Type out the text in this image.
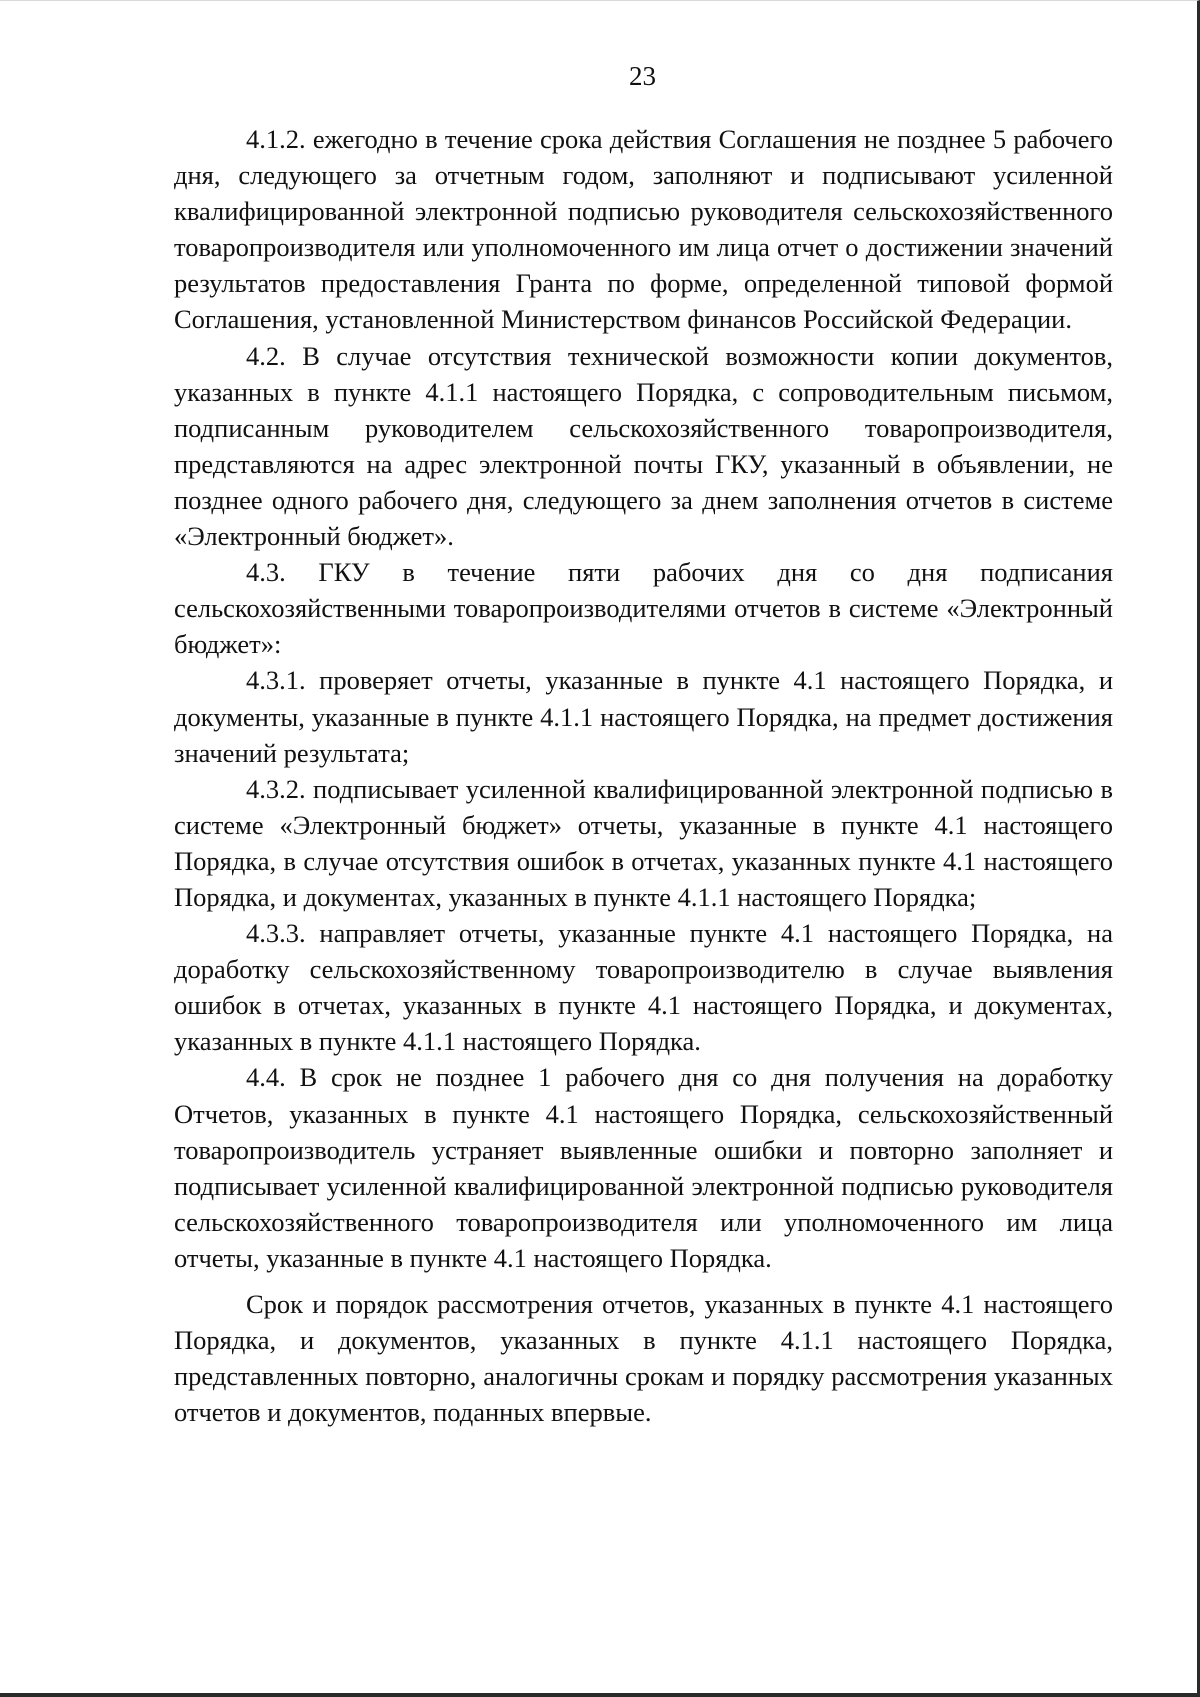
23

4.1.2. ежегодно в течение срока действия Соглашения не позднее 5 рабочего дня, следующего за отчетным годом, заполняют и подписывают усиленной квалифицированной электронной подписью руководителя сельскохозяйственного товаропроизводителя или уполномоченного им лица отчет о достижении значений результатов предоставления Гранта по форме, определенной типовой формой Соглашения, установленной Министерством финансов Российской Федерации.

4.2. В случае отсутствия технической возможности копии документов, указанных в пункте 4.1.1 настоящего Порядка, с сопроводительным письмом, подписанным руководителем сельскохозяйственного товаропроизводителя, представляются на адрес электронной почты ГКУ, указанный в объявлении, не позднее одного рабочего дня, следующего за днем заполнения отчетов в системе «Электронный бюджет».

4.3. ГКУ в течение пяти рабочих дня со дня подписания сельскохозяйственными товаропроизводителями отчетов в системе «Электронный бюджет»:

4.3.1. проверяет отчеты, указанные в пункте 4.1 настоящего Порядка, и документы, указанные в пункте 4.1.1 настоящего Порядка, на предмет достижения значений результата;

4.3.2. подписывает усиленной квалифицированной электронной подписью в системе «Электронный бюджет» отчеты, указанные в пункте 4.1 настоящего Порядка, в случае отсутствия ошибок в отчетах, указанных пункте 4.1 настоящего Порядка, и документах, указанных в пункте 4.1.1 настоящего Порядка;

4.3.3. направляет отчеты, указанные пункте 4.1 настоящего Порядка, на доработку сельскохозяйственному товаропроизводителю в случае выявления ошибок в отчетах, указанных в пункте 4.1 настоящего Порядка, и документах, указанных в пункте 4.1.1 настоящего Порядка.

4.4. В срок не позднее 1 рабочего дня со дня получения на доработку Отчетов, указанных в пункте 4.1 настоящего Порядка, сельскохозяйственный товаропроизводитель устраняет выявленные ошибки и повторно заполняет и подписывает усиленной квалифицированной электронной подписью руководителя сельскохозяйственного товаропроизводителя или уполномоченного им лица отчеты, указанные в пункте 4.1 настоящего Порядка.

Срок и порядок рассмотрения отчетов, указанных в пункте 4.1 настоящего Порядка, и документов, указанных в пункте 4.1.1 настоящего Порядка, представленных повторно, аналогичны срокам и порядку рассмотрения указанных отчетов и документов, поданных впервые.
